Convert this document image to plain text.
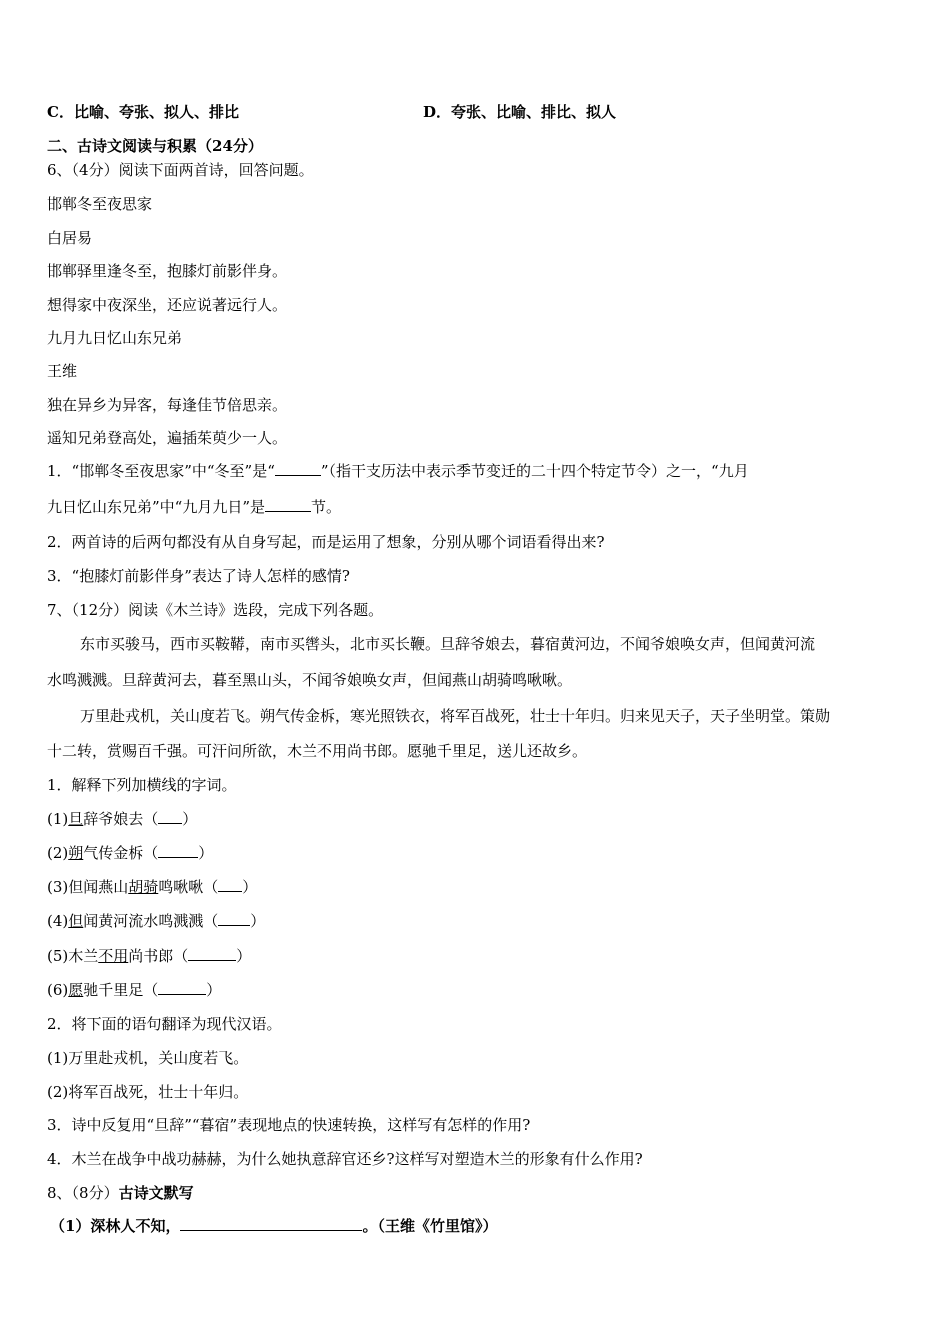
C．比喻、夸张、拟人、排比	D．夸张、比喻、排比、拟人
二、古诗文阅读与积累（24分）
6、（4分）阅读下面两首诗，回答问题。
邯郸冬至夜思家
白居易
邯郸驿里逢冬至，抱膝灯前影伴身。
想得家中夜深坐，还应说著远行人。
九月九日忆山东兄弟
王维
独在异乡为异客，每逢佳节倍思亲。
遥知兄弟登高处，遍插茱萸少一人。
1．“邯郸冬至夜思家”中“冬至”是“	”（指干支历法中表示季节变迁的二十四个特定节令）之一，“九月
九日忆山东兄弟”中“九月九日”是	节。
2．两首诗的后两句都没有从自身写起，而是运用了想象，分别从哪个词语看得出来?
3．“抱膝灯前影伴身”表达了诗人怎样的感情?
7、（12分）阅读《木兰诗》选段，完成下列各题。
东市买骏马，西市买鞍鞯，南市买辔头，北市买长鞭。旦辞爷娘去，暮宿黄河边，不闻爷娘唤女声，但闻黄河流
水鸣溅溅。旦辞黄河去，暮至黑山头，不闻爷娘唤女声，但闻燕山胡骑鸣啾啾。
万里赴戎机，关山度若飞。朔气传金柝，寒光照铁衣，将军百战死，壮士十年归。归来见天子，天子坐明堂。策勋
十二转，赏赐百千强。可汗问所欲，木兰不用尚书郎。愿驰千里足，送儿还故乡。
1．解释下列加横线的字词。
(1)旦辞爷娘去（ ）
(2)朔气传金柝（	）
(3)但闻燕山胡骑鸣啾啾（ ）
(4)但闻黄河流水鸣溅溅（ ）
(5)木兰不用尚书郎（	）
(6)愿驰千里足（	）
2．将下面的语句翻译为现代汉语。
(1)万里赴戎机，关山度若飞。
(2)将军百战死，壮士十年归。
3．诗中反复用“旦辞”“暮宿”表现地点的快速转换，这样写有怎样的作用?
4．木兰在战争中战功赫赫，为什么她执意辞官还乡?这样写对塑造木兰的形象有什么作用?
8、（8分）古诗文默写
（1）深林人不知，	。（王维《竹里馆》）
